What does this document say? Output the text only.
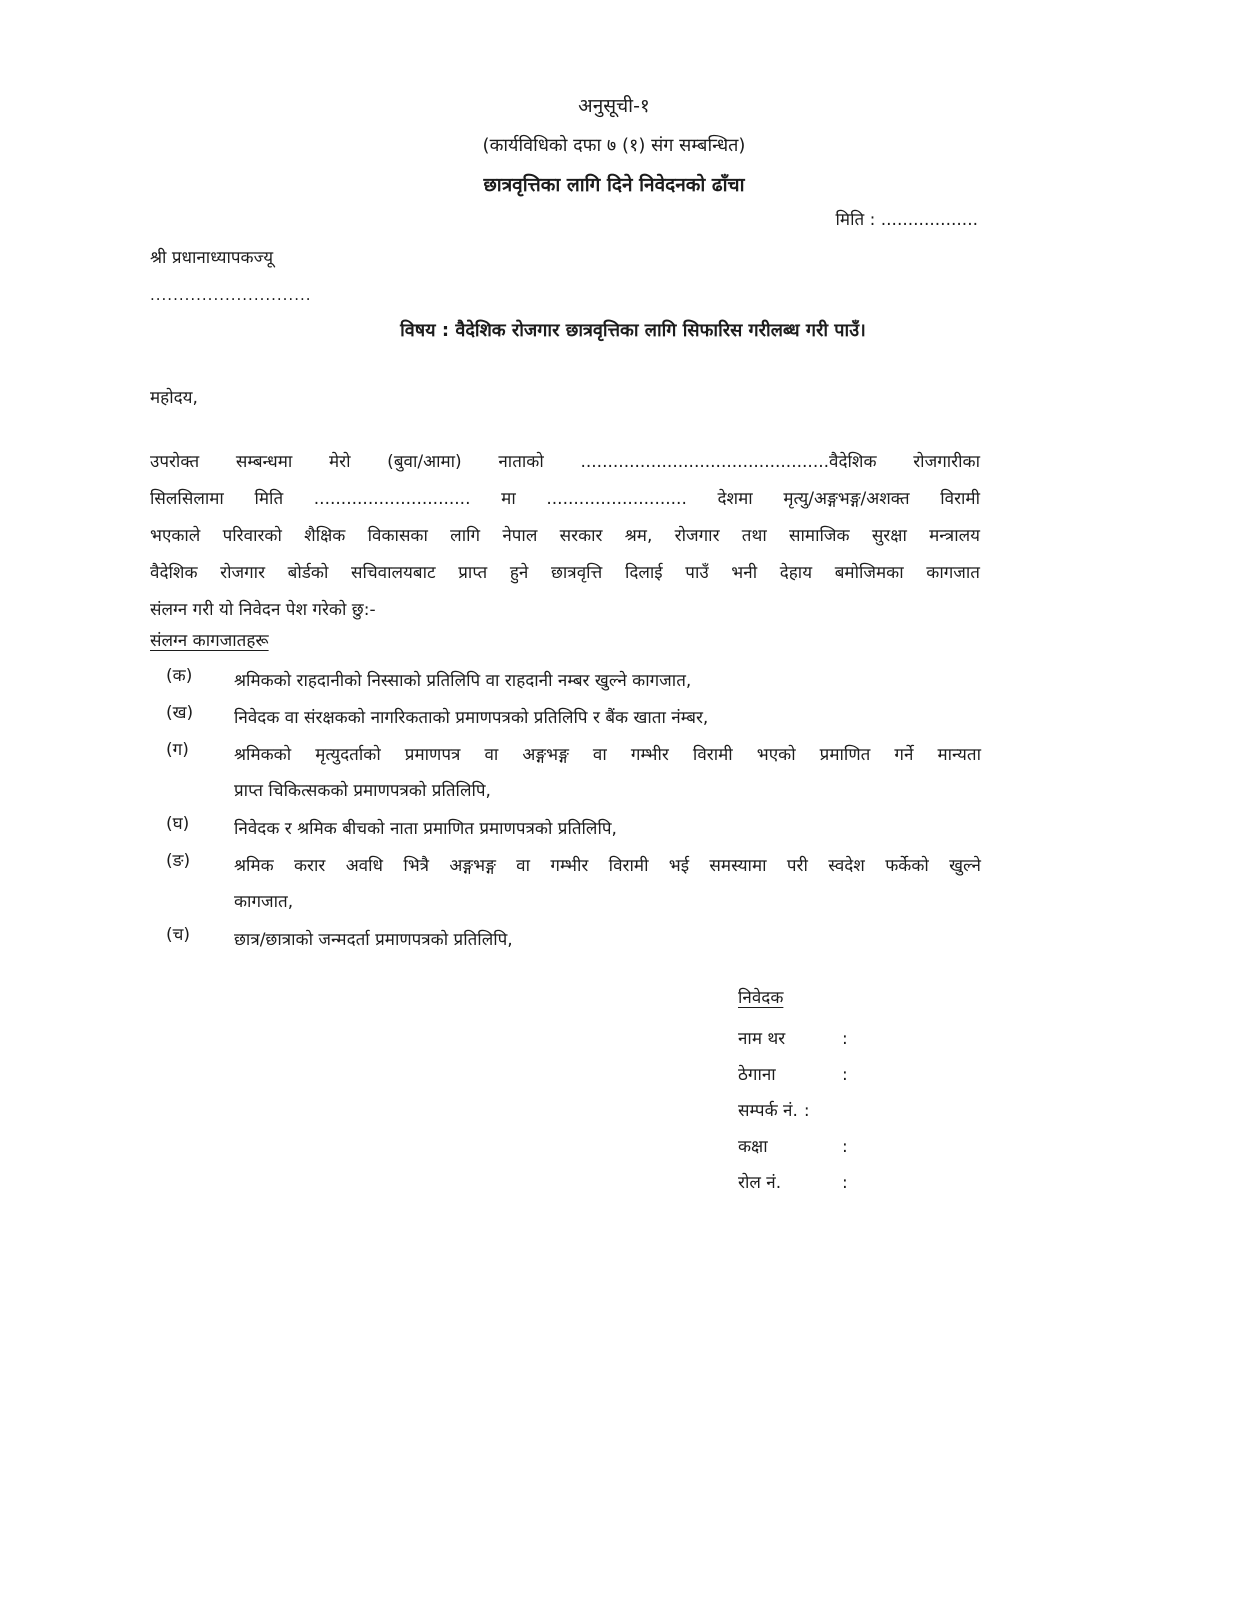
अनुसूची-१
(कार्यविधिको दफा ७ (१) संग सम्बन्धित)
छात्रवृत्तिका लागि दिने निवेदनको ढाँचा
मिति : ..................
श्री प्रधानाध्यापकज्यू
............................
विषय : वैदेशिक रोजगार छात्रवृत्तिका लागि सिफारिस गरीलब्ध गरी पाउँ।
महोदय,
उपरोक्त सम्बन्धमा मेरो (बुवा/आमा) नाताको ..............................................वैदेशिक रोजगारीका
सिलसिलामा मिति ............................. मा .......................... देशमा मृत्यु/अङ्गभङ्ग/अशक्त विरामी
भएकाले परिवारको शैक्षिक विकासका लागि नेपाल सरकार श्रम, रोजगार तथा सामाजिक सुरक्षा मन्त्रालय
वैदेशिक रोजगार बोर्डको सचिवालयबाट प्राप्त हुने छात्रवृत्ति दिलाई पाउँ भनी देहाय बमोजिमका कागजात
संलग्न गरी यो निवेदन पेश गरेको छु:-
संलग्न कागजातहरू
(क)	श्रमिकको राहदानीको निस्साको प्रतिलिपि वा राहदानी नम्बर खुल्ने कागजात,
(ख)	निवेदक वा संरक्षकको नागरिकताको प्रमाणपत्रको प्रतिलिपि र बैंक खाता नंम्बर,
(ग)	श्रमिकको मृत्युदर्ताको प्रमाणपत्र वा अङ्गभङ्ग वा गम्भीर विरामी भएको प्रमाणित गर्ने मान्यता
प्राप्त चिकित्सकको प्रमाणपत्रको प्रतिलिपि,
(घ)	निवेदक र श्रमिक बीचको नाता प्रमाणित प्रमाणपत्रको प्रतिलिपि,
(ङ)	श्रमिक करार अवधि भित्रै अङ्गभङ्ग वा गम्भीर विरामी भई समस्यामा परी स्वदेश फर्केको खुल्ने
कागजात,
(च)	छात्र/छात्राको जन्मदर्ता प्रमाणपत्रको प्रतिलिपि,
निवेदक
नाम थर	:
ठेगाना	:
सम्पर्क नं. :
कक्षा	:
रोल नं.	:
